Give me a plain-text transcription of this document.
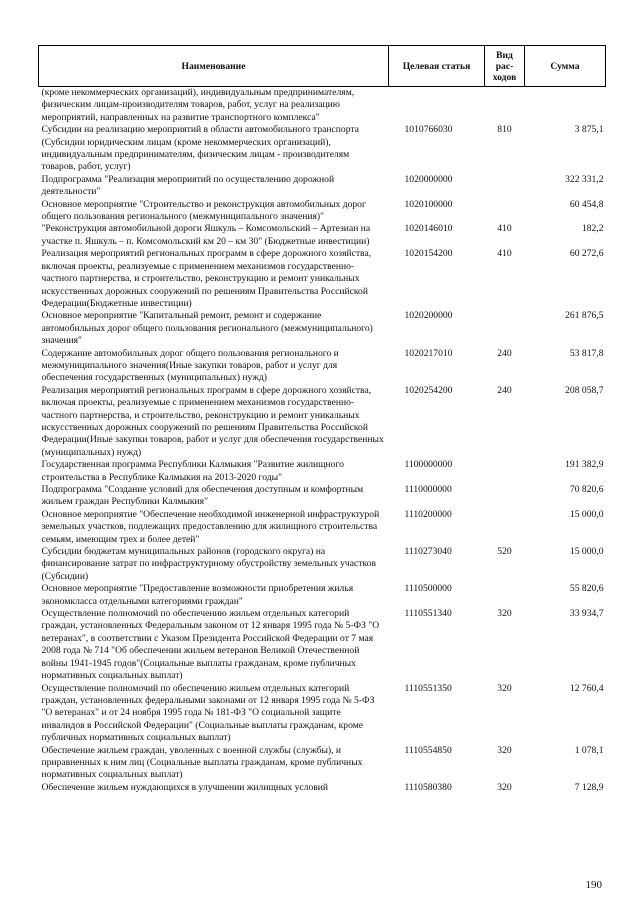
Наименование	Целевая статья	Вид
рас-
ходов	Сумма
(кроме некоммерческих организаций), индивидуальным предпринимателям, физическим лицам-производителям товаров, работ, услуг на реализацию мероприятий, направленных на развитие транспортного комплекса"			
Субсидии на реализацию мероприятий в области автомобильного транспорта (Субсидии юридическим лицам (кроме некоммерческих организаций), индивидуальным предпринимателям, физическим лицам - производителям товаров, работ, услуг)	1010766030	810	3 875,1
Подпрограмма "Реализация мероприятий по осуществлению дорожной деятельности"	1020000000		322 331,2
Основное мероприятие "Строительство и реконструкция автомобильных дорог общего пользования регионального (межмуниципального значения)"	1020100000		60 454,8
"Реконструкция автомобильной дороги Яшкуль – Комсомольский – Артезиан на участке п. Яшкуль – п. Комсомольский км 20 – км 30" (Бюджетные инвестиции)	1020146010	410	182,2
Реализация мероприятий региональных программ в сфере дорожного хозяйства, включая проекты, реализуемые с применением механизмов государственно-частного партнерства, и строительство, реконструкцию и ремонт уникальных искусственных дорожных сооружений по решениям Правительства Российской Федерации(Бюджетные инвестиции)	1020154200	410	60 272,6
Основное мероприятие "Капитальный ремонт, ремонт и содержание автомобильных дорог общего пользования регионального (межмуниципального) значения"	1020200000		261 876,5
Содержание автомобильных дорог общего пользования регионального и межмуниципального значения(Иные закупки товаров, работ и услуг для обеспечения государственных (муниципальных) нужд)	1020217010	240	53 817,8
Реализация мероприятий региональных программ в сфере дорожного хозяйства, включая проекты, реализуемые с применением механизмов государственно-частного партнерства, и строительство, реконструкцию и ремонт уникальных искусственных дорожных сооружений по решениям Правительства Российской Федерации(Иные закупки товаров, работ и услуг для обеспечения государственных (муниципальных) нужд)	1020254200	240	208 058,7
Государственная программа Республики Калмыкия "Развитие жилищного строительства в Республике Калмыкия на 2013-2020 годы"	1100000000		191 382,9
Подпрограмма "Создание условий для обеспечения доступным и комфортным жильем граждан Республики Калмыкия"	1110000000		70 820,6
Основное мероприятие "Обеспечение необходимой инженерной инфраструктурой земельных участков, подлежащих предоставлению для жилищного строительства семьям, имеющим трех и более детей"	1110200000		15 000,0
Субсидии бюджетам муниципальных районов (городского округа) на финансирование затрат по инфраструктурному обустройству земельных участков (Субсидии)	1110273040	520	15 000,0
Основное мероприятие "Предоставление возможности приобретения жилья экономкласса отдельными категориями граждан"	1110500000		55 820,6
Осуществление полномочий по обеспечению жильем отдельных категорий граждан, установленных Федеральным законом от 12 января 1995 года № 5-ФЗ "О ветеранах", в соответствии с Указом Президента Российской Федерации от 7 мая 2008 года № 714 "Об обеспечении жильем ветеранов Великой Отечественной войны 1941-1945 годов"(Социальные выплаты гражданам, кроме публичных нормативных социальных выплат)	1110551340	320	33 934,7
Осуществление полномочий по обеспечению жильем отдельных категорий граждан, установленных федеральными законами от 12 января 1995 года № 5-ФЗ "О ветеранах" и от 24 ноября 1995 года № 181-ФЗ "О социальной защите инвалидов в Российской Федерации" (Социальные выплаты гражданам, кроме публичных нормативных социальных выплат)	1110551350	320	12 760,4
Обеспечение жильем граждан, уволенных с военной службы (службы), и приравненных к ним лиц (Социальные выплаты гражданам, кроме публичных нормативных социальных выплат)	1110554850	320	1 078,1
Обеспечение жильем нуждающихся в улучшении жилищных условий	1110580380	320	7 128,9
190
